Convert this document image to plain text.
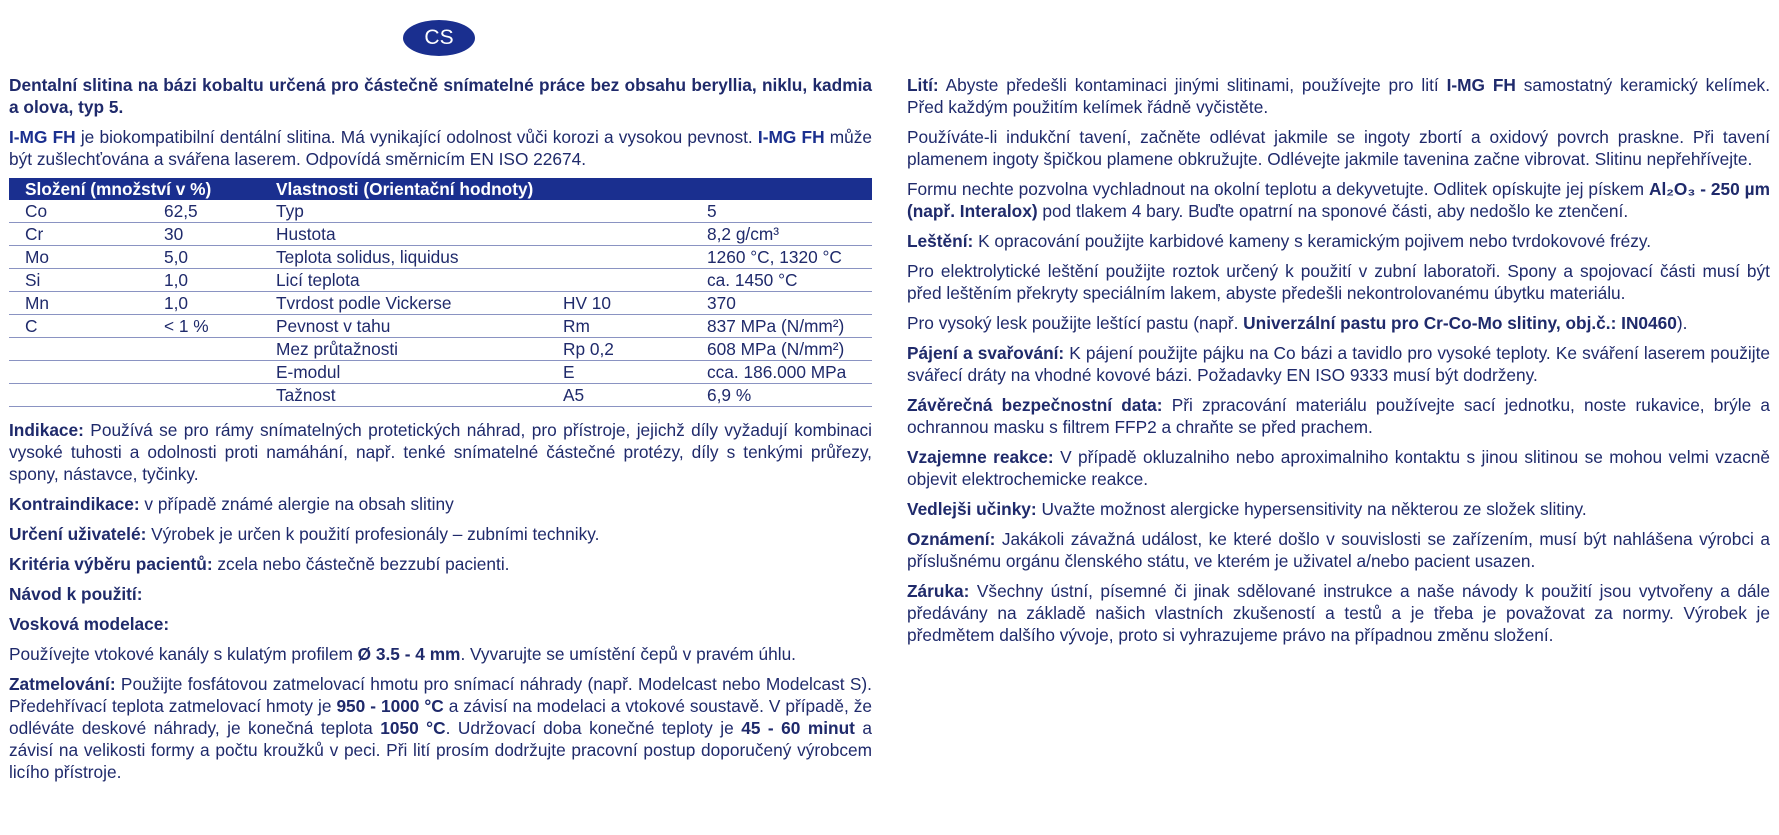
CS

Dentalní slitina na bázi kobaltu určená pro částečně snímatelné práce bez obsahu beryllia, niklu, kadmia a olova, typ 5.

I-MG FH je biokompatibilní dentální slitina. Má vynikající odolnost vůči korozi a vysokou pevnost. I-MG FH může být zušlechťována a svářena laserem. Odpovídá směrnicím EN ISO 22674.

Složení (množství v %)		Vlastnosti (Orientační hodnoty)		
Co	62,5	Typ		5
Cr	30	Hustota		8,2 g/cm³
Mo	5,0	Teplota solidus, liquidus		1260 °C, 1320 °C
Si	1,0	Licí teplota		ca. 1450 °C
Mn	1,0	Tvrdost podle Vickerse	HV 10	370
C	< 1 %	Pevnost v tahu	Rm	837 MPa (N/mm²)
		Mez průtažnosti	Rp 0,2	608 MPa (N/mm²)
		E-modul	E	cca. 186.000 MPa
		Tažnost	A5	6,9 %

Indikace: Používá se pro rámy snímatelných protetických náhrad, pro přístroje, jejichž díly vyžadují kombinaci vysoké tuhosti a odolnosti proti namáhání, např. tenké snímatelné částečné protézy, díly s tenkými průřezy, spony, nástavce, tyčinky.

Kontraindikace: v případě známé alergie na obsah slitiny

Určení uživatelé: Výrobek je určen k použití profesionály – zubními techniky.

Kritéria výběru pacientů: zcela nebo částečně bezzubí pacienti.

Návod k použití:

Vosková modelace:

Používejte vtokové kanály s kulatým profilem Ø 3.5 - 4 mm. Vyvarujte se umístění čepů v pravém úhlu.

Zatmelování: Použijte fosfátovou zatmelovací hmotu pro snímací náhrady (např. Modelcast nebo Modelcast S). Předehřívací teplota zatmelovací hmoty je 950 - 1000 °C a závisí na modelaci a vtokové soustavě. V případě, že odléváte deskové náhrady, je konečná teplota 1050 °C. Udržovací doba konečné teploty je 45 - 60 minut a závisí na velikosti formy a počtu kroužků v peci. Při lití prosím dodržujte pracovní postup doporučený výrobcem licího přístroje.

Lití: Abyste předešli kontaminaci jinými slitinami, používejte pro lití I-MG FH samostatný keramický kelímek. Před každým použitím kelímek řádně vyčistěte.

Používáte-li indukční tavení, začněte odlévat jakmile se ingoty zbortí a oxidový povrch praskne. Při tavení plamenem ingoty špičkou plamene obkružujte. Odlévejte jakmile tavenina začne vibrovat. Slitinu nepřehřívejte.

Formu nechte pozvolna vychladnout na okolní teplotu a dekyvetujte. Odlitek opískujte jej pískem Al₂O₃ - 250 µm (např. Interalox) pod tlakem 4 bary. Buďte opatrní na sponové části, aby nedošlo ke ztenčení.

Leštění: K opracování použijte karbidové kameny s keramickým pojivem nebo tvrdokovové frézy.

Pro elektrolytické leštění použijte roztok určený k použití v zubní laboratoři. Spony a spojovací části musí být před leštěním překryty speciálním lakem, abyste předešli nekontrolovanému úbytku materiálu.

Pro vysoký lesk použijte leštící pastu (např. Univerzální pastu pro Cr-Co-Mo slitiny, obj.č.: IN0460).

Pájení a svařování: K pájení použijte pájku na Co bázi a tavidlo pro vysoké teploty. Ke sváření laserem použijte svářecí dráty na vhodné kovové bázi. Požadavky EN ISO 9333 musí být dodrženy.

Závěrečná bezpečnostní data: Při zpracování materiálu používejte sací jednotku, noste rukavice, brýle a ochrannou masku s filtrem FFP2 a chraňte se před prachem.

Vzajemne reakce: V případě okluzalniho nebo aproximalniho kontaktu s jinou slitinou se mohou velmi vzacně objevit elektrochemicke reakce.

Vedlejši učinky: Uvažte možnost alergicke hypersensitivity na některou ze složek slitiny.

Oznámení: Jakákoli závažná událost, ke které došlo v souvislosti se zařízením, musí být nahlášena výrobci a příslušnému orgánu členského státu, ve kterém je uživatel a/nebo pacient usazen.

Záruka: Všechny ústní, písemné či jinak sdělované instrukce a naše návody k použití jsou vytvořeny a dále předávány na základě našich vlastních zkušeností a testů a je třeba je považovat za normy. Výrobek je předmětem dalšího vývoje, proto si vyhrazujeme právo na případnou změnu složení.
